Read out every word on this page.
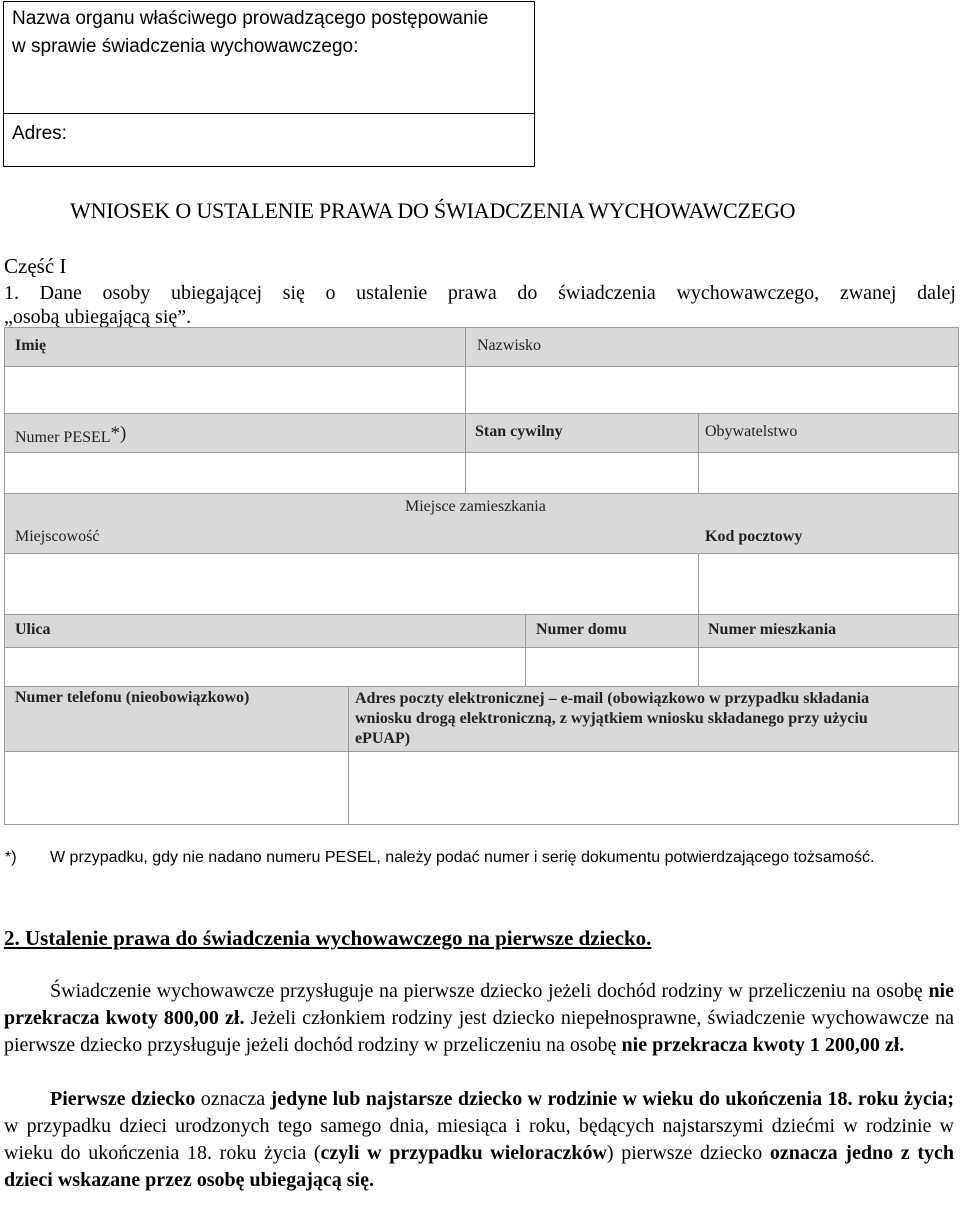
Nazwa organu właściwego prowadzącego postępowanie
w sprawie świadczenia wychowawczego:
Adres:
WNIOSEK O USTALENIE PRAWA DO ŚWIADCZENIA WYCHOWAWCZEGO
Część I
1. Dane osoby ubiegającej się o ustalenie prawa do świadczenia wychowawczego, zwanej dalej
„osobą ubiegającą się”.
Imię	Nazwisko
Numer PESEL*)	Stan cywilny	Obywatelstwo
Miejsce zamieszkania
Miejscowość	Kod pocztowy
Ulica	Numer domu	Numer mieszkania
Numer telefonu (nieobowiązkowo)	Adres poczty elektronicznej – e-mail (obowiązkowo w przypadku składania
wniosku drogą elektroniczną, z wyjątkiem wniosku składanego przy użyciu
ePUAP)
*) W przypadku, gdy nie nadano numeru PESEL, należy podać numer i serię dokumentu potwierdzającego tożsamość.
2. Ustalenie prawa do świadczenia wychowawczego na pierwsze dziecko.
Świadczenie wychowawcze przysługuje na pierwsze dziecko jeżeli dochód rodziny w przeliczeniu na osobę nie przekracza kwoty 800,00 zł. Jeżeli członkiem rodziny jest dziecko niepełnosprawne, świadczenie wychowawcze na pierwsze dziecko przysługuje jeżeli dochód rodziny w przeliczeniu na osobę nie przekracza kwoty 1 200,00 zł.
Pierwsze dziecko oznacza jedyne lub najstarsze dziecko w rodzinie w wieku do ukończenia 18. roku życia; w przypadku dzieci urodzonych tego samego dnia, miesiąca i roku, będących najstarszymi dziećmi w rodzinie w wieku do ukończenia 18. roku życia (czyli w przypadku wieloraczków) pierwsze dziecko oznacza jedno z tych dzieci wskazane przez osobę ubiegającą się.
